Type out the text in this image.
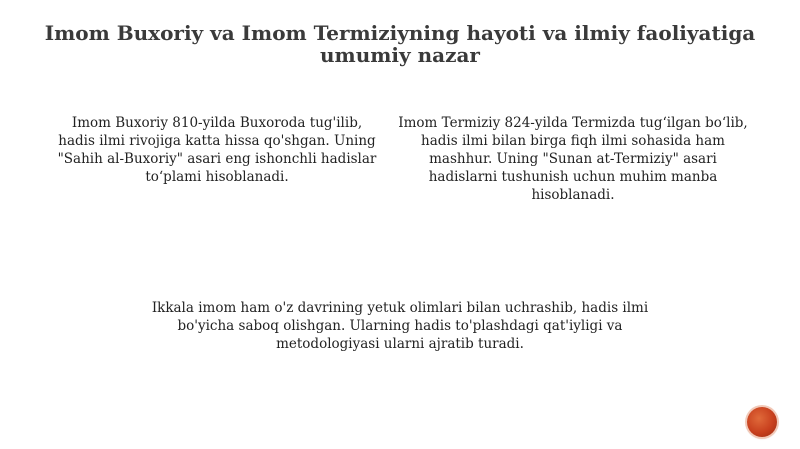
Imom Buxoriy va Imom Termiziyning hayoti va ilmiy faoliyatiga umumiy nazar

Imom Buxoriy 810-yilda Buxoroda tug'ilib, hadis ilmi rivojiga katta hissa qo'shgan. Uning "Sahih al-Buxoriy" asari eng ishonchli hadislar to‘plami hisoblanadi.

Imom Termiziy 824-yilda Termizda tug‘ilgan bo‘lib, hadis ilmi bilan birga fiqh ilmi sohasida ham mashhur. Uning "Sunan at-Termiziy" asari hadislarni tushunish uchun muhim manba hisoblanadi.

Ikkala imom ham o'z davrining yetuk olimlari bilan uchrashib, hadis ilmi bo'yicha saboq olishgan. Ularning hadis to'plashdagi qat'iyligi va metodologiyasi ularni ajratib turadi.
